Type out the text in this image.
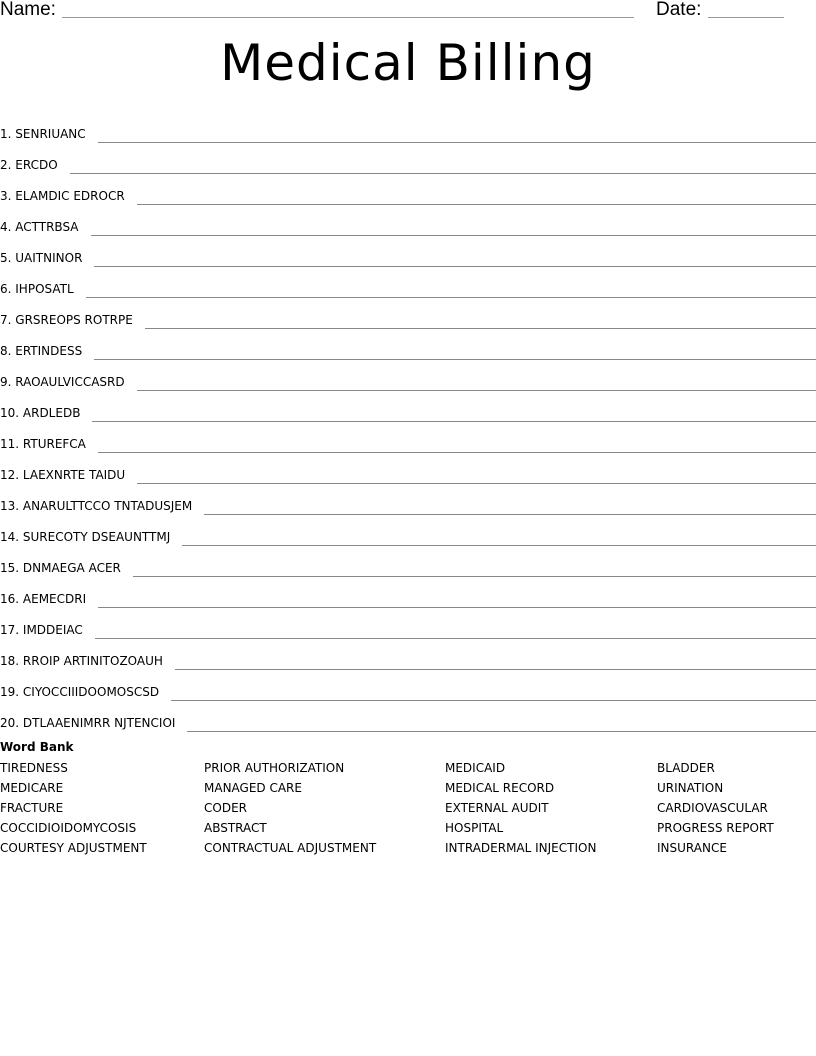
Name:	Date:
Medical Billing
1. SENRIUANC
2. ERCDO
3. ELAMDIC EDROCR
4. ACTTRBSA
5. UAITNINOR
6. IHPOSATL
7. GRSREOPS ROTRPE
8. ERTINDESS
9. RAOAULVICCASRD
10. ARDLEDB
11. RTUREFCA
12. LAEXNRTE TAIDU
13. ANARULTTCCO TNTADUSJEM
14. SURECOTY DSEAUNTTMJ
15. DNMAEGA ACER
16. AEMECDRI
17. IMDDEIAC
18. RROIP ARTINITOZOAUH
19. CIYOCCIIIDOOMOSCSD
20. DTLAAENIMRR NJTENCIOI
Word Bank
TIREDNESS
MEDICARE
FRACTURE
COCCIDIOIDOMYCOSIS
COURTESY ADJUSTMENT
PRIOR AUTHORIZATION
MANAGED CARE
CODER
ABSTRACT
CONTRACTUAL ADJUSTMENT
MEDICAID
MEDICAL RECORD
EXTERNAL AUDIT
HOSPITAL
INTRADERMAL INJECTION
BLADDER
URINATION
CARDIOVASCULAR
PROGRESS REPORT
INSURANCE
